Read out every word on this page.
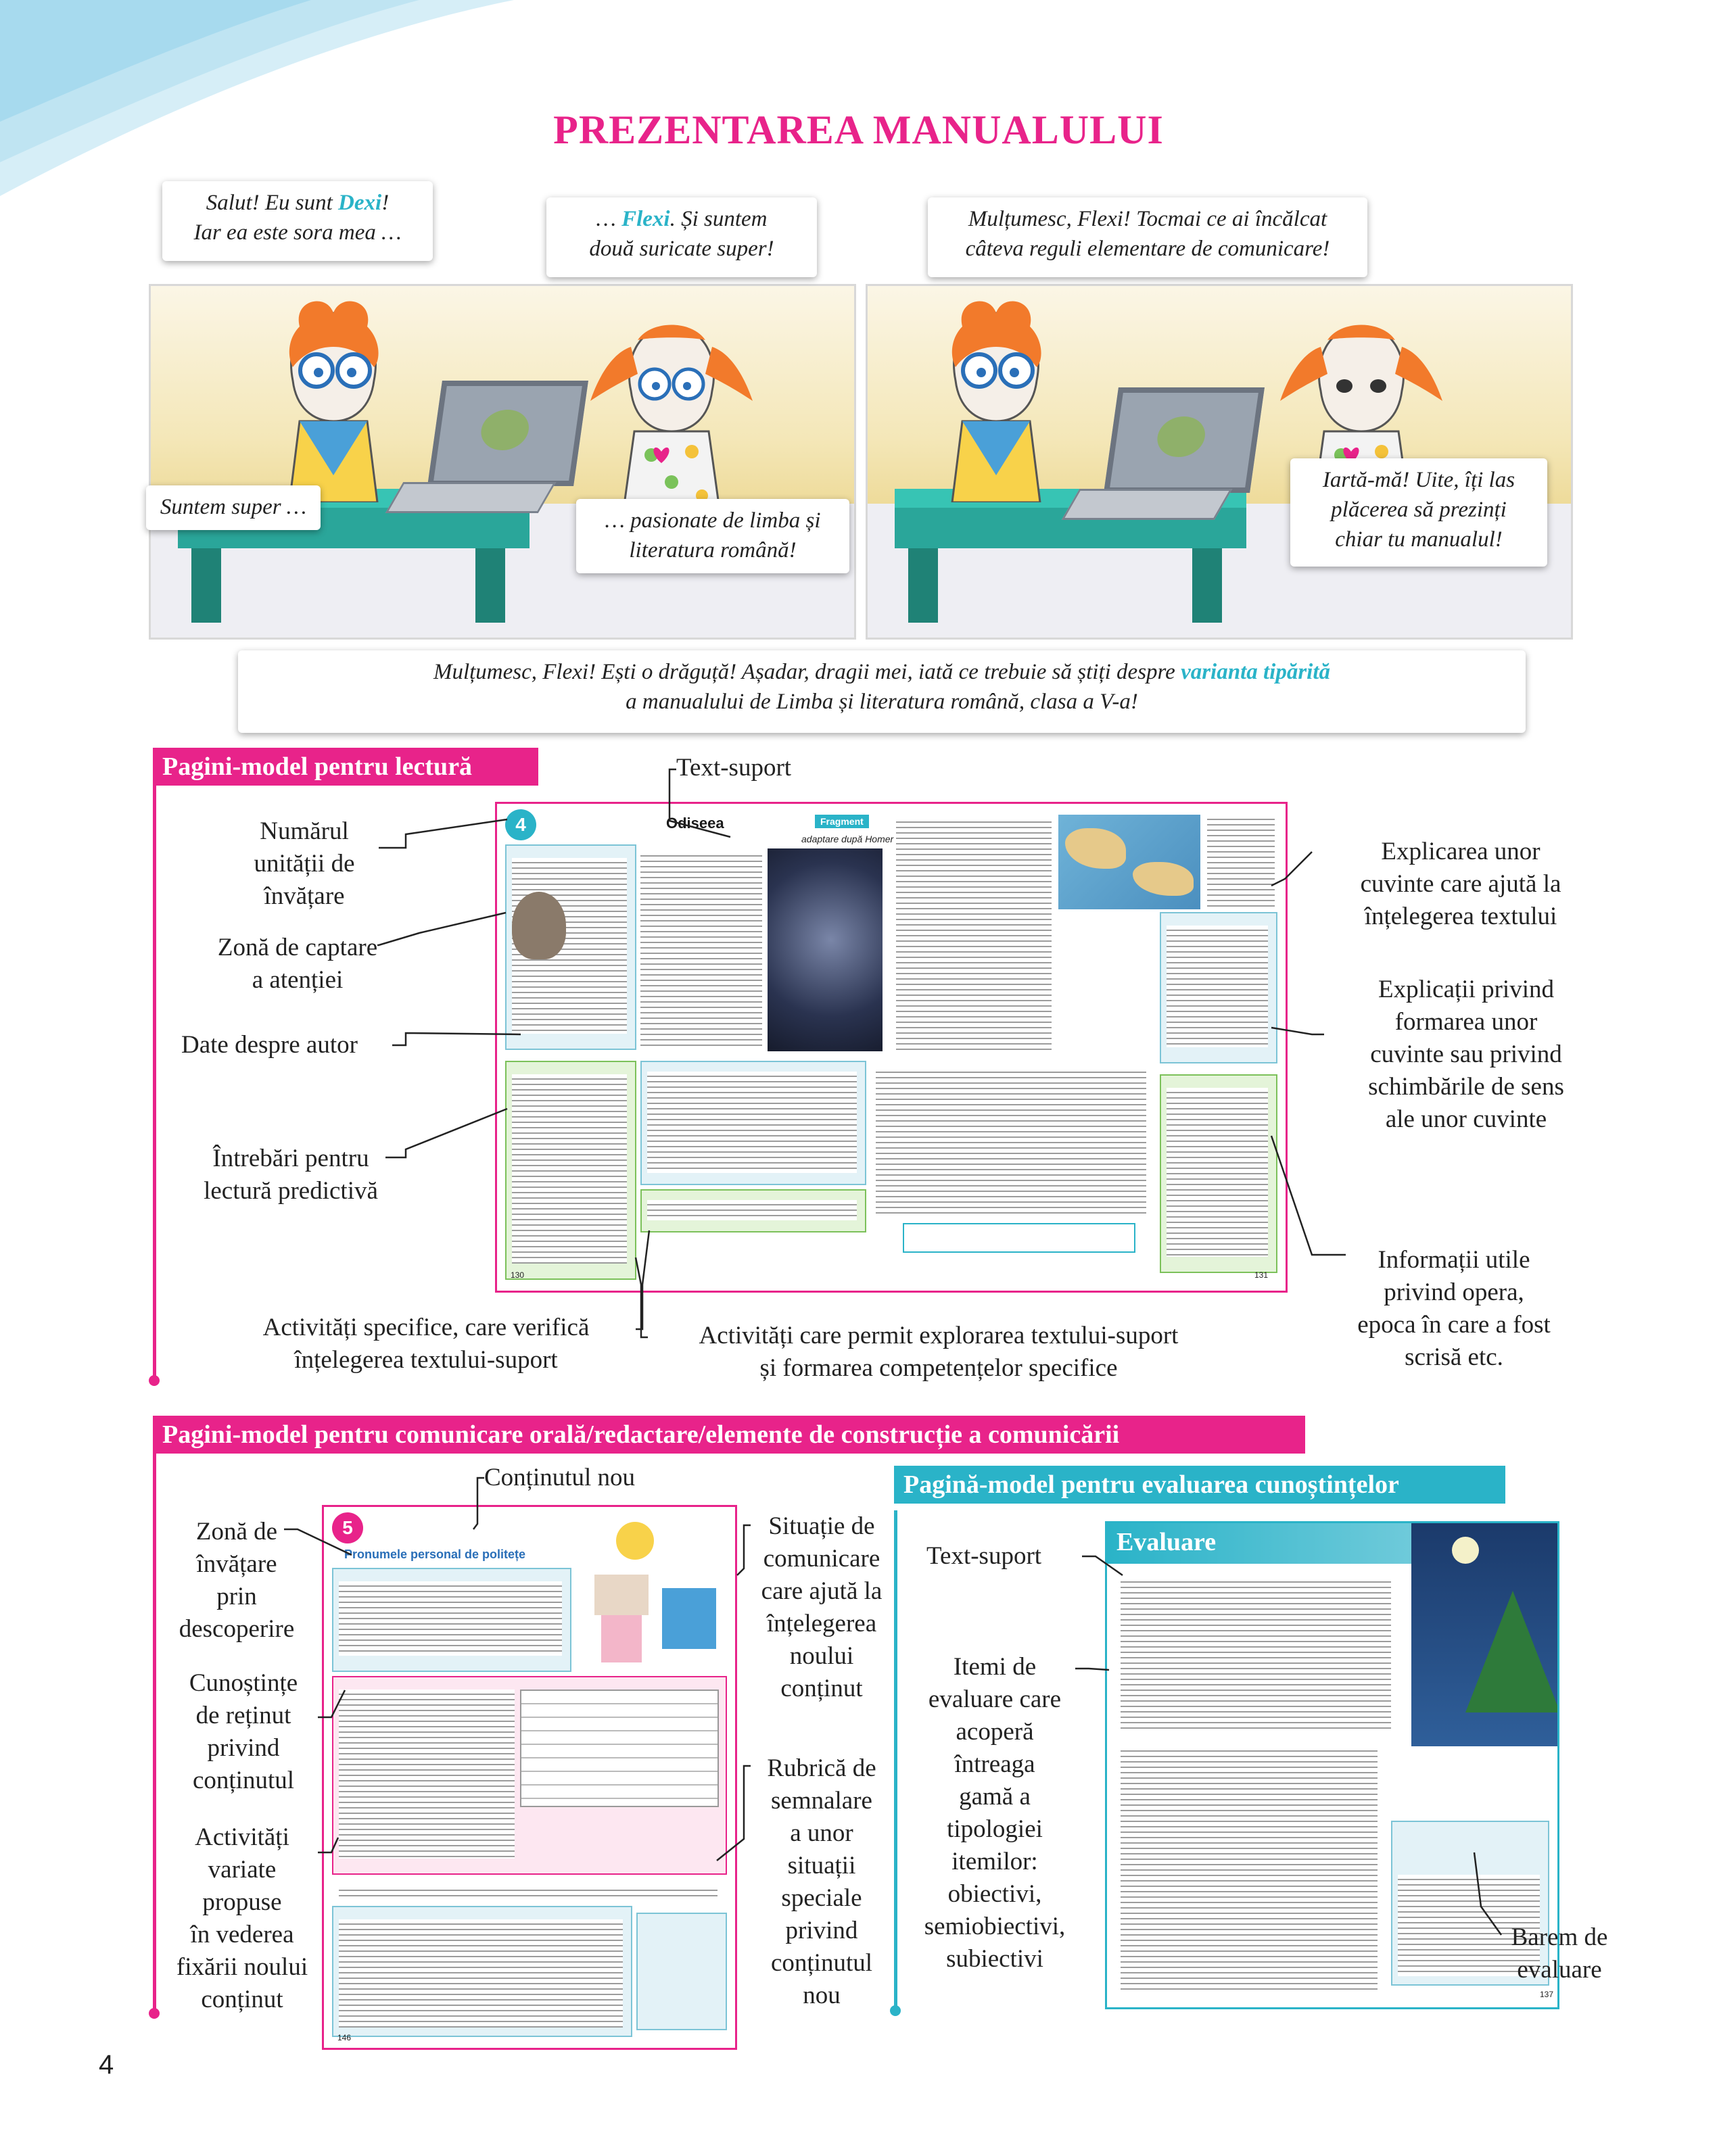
PREZENTAREA MANUALULUI
Salut! Eu sunt Dexi!
Iar ea este sora mea …
… Flexi. Și suntem
două suricate super!
Suntem super …
… pasionate de limba și
literatura română!
Mulțumesc, Flexi! Tocmai ce ai încălcat
câteva reguli elementare de comunicare!
Iartă-mă! Uite, îți las
plăcerea să prezinți
chiar tu manualul!
Mulțumesc, Flexi! Ești o drăguță! Așadar, dragii mei, iată ce trebuie să știți despre varianta tipărită
a manualului de Limba și literatura română, clasa a V-a!
Pagini-model pentru lectură
4	Odiseea	Fragment
adaptare după Homer
130	131
Text-suport
Numărul
unității de
învățare
Zonă de captare
a atenției
Date despre autor
Întrebări pentru
lectură predictivă
Activități specifice, care verifică
înțelegerea textului-suport
Activități care permit explorarea textului-suport
și formarea competențelor specifice
Explicarea unor
cuvinte care ajută la
înțelegerea textului
Explicații privind
formarea unor
cuvinte sau privind
schimbările de sens
ale unor cuvinte
Informații utile
privind opera,
epoca în care a fost
scrisă etc.
Pagini-model pentru comunicare orală/redactare/elemente de construcție a comunicării
5
Pronumele personal de politețe
146
Conținutul nou
Zonă de
învățare
prin
descoperire
Cunoștințe
de reținut
privind
conținutul
Activități
variate
propuse
în vederea
fixării noului
conținut
Situație de
comunicare
care ajută la
înțelegerea
noului
conținut
Rubrică de
semnalare
a unor
situații
speciale
privind
conținutul
nou
Pagină-model pentru evaluarea cunoștințelor
Evaluare
137
Text-suport
Itemi de
evaluare care
acoperă
întreaga
gamă a
tipologiei
itemilor:
obiectivi,
semiobiectivi,
subiectivi
Barem de
evaluare
4
